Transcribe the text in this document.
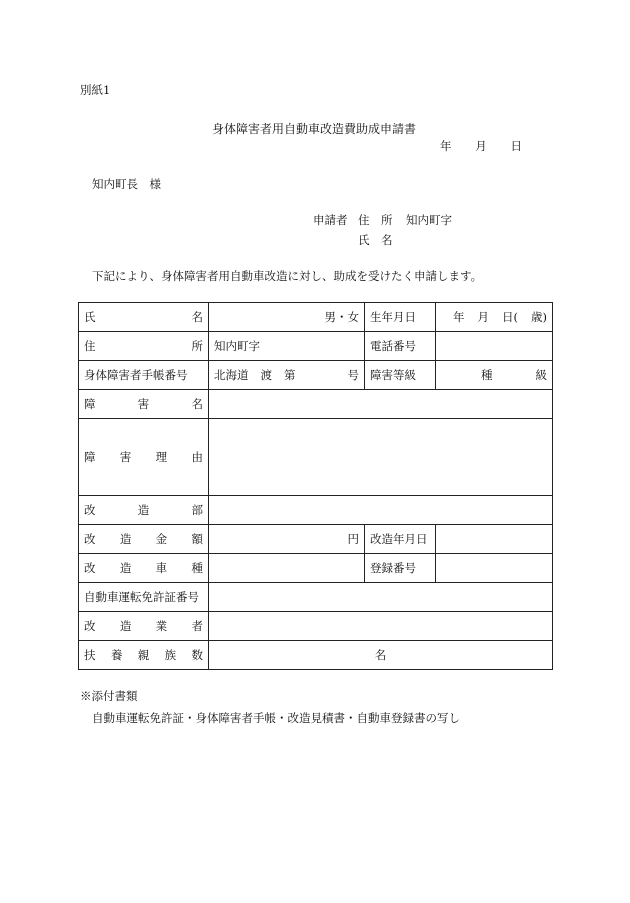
別紙1
身体障害者用自動車改造費助成申請書
年 月 日
知内町長　様
申請者 住　所 知内町字
氏　名
下記により、身体障害者用自動車改造に対し、助成を受けたく申請します。
氏 名	男・女	生年月日	年 月 日( 歳)

住 所	知内町字	電話番号	
身体障害者手帳番号	北海道 渡 第 号	障害等級	種 級

障 害 名			

障 害 理 由			

改 造 部			

改 造 金 額	円	改造年月日	

改 造 車 種		登録番号	
自動車運転免許証番号			

改 造 業 者			

扶 養 親 族 数	名		
※添付書類
自動車運転免許証・身体障害者手帳・改造見積書・自動車登録書の写し
